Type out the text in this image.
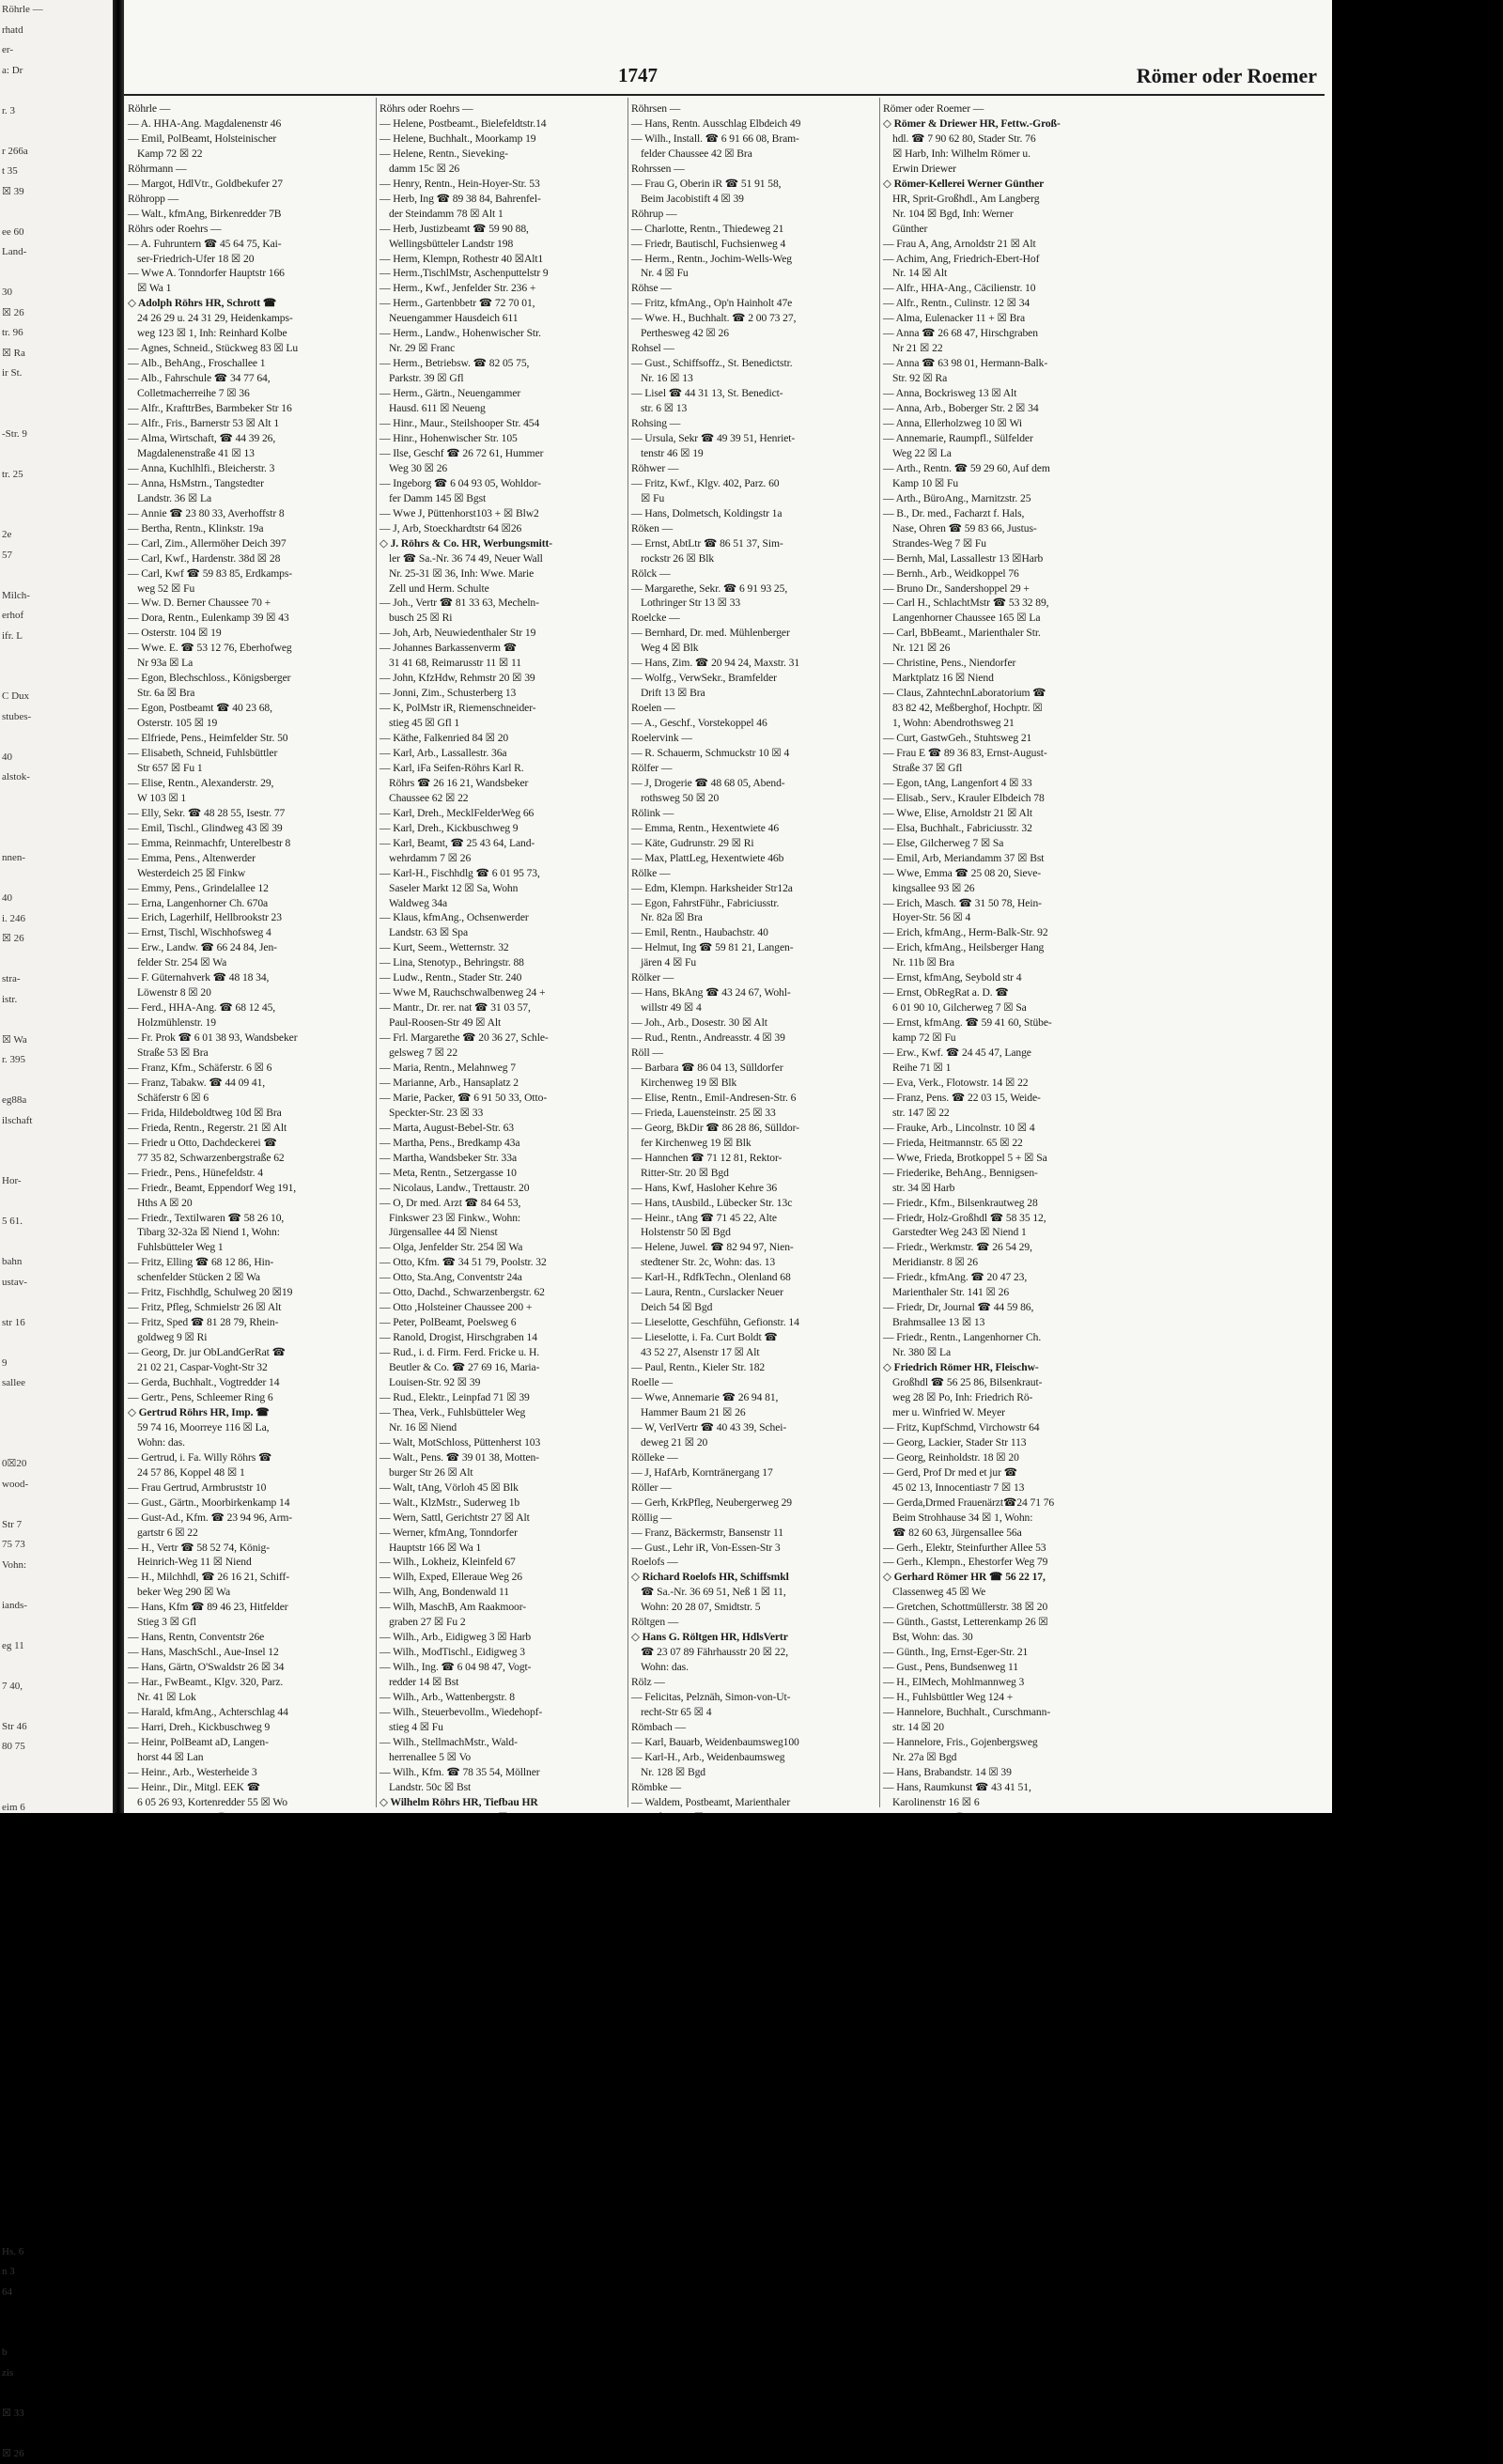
Röhrle —
rhatd
er-
a: Dr

r. 3

r 266a
t 35
☒ 39

ee 60
Land-

30
☒ 26
tr. 96
☒ Ra
ir St.

-Str. 9

tr. 25

2e
57

Milch-
erhof
ifr. L

C Dux
stubes-

40
alstok-

nnen-

40
i. 246
☒ 26

stra-
istr.

☒ Wa
r. 395

eg88a
ilschaft

Hor-

5 61.

bahn
ustav-

str 16

9
sallee

0☒20
wood-

Str 7
75 73
Vohn:

iands-

eg 11

7 40,

Str 46
80 75

eim 6

Hs. 6
n 3
64

b
zis

☒ 33

☒ 26
1747	Römer oder Roemer
Röhrle —
— A. HHA-Ang. Magdalenenstr 46
— Emil, PolBeamt, Holsteinischer
Kamp 72 ☒ 22
Röhrmann —
— Margot, HdlVtr., Goldbekufer 27
Röhropp —
— Walt., kfmAng, Birkenredder 7B
Röhrs oder Roehrs —
— A. Fuhruntern ☎ 45 64 75, Kai-
ser-Friedrich-Ufer 18 ☒ 20
— Wwe A. Tonndorfer Hauptstr 166
☒ Wa 1
◇ Adolph Röhrs HR, Schrott ☎
24 26 29 u. 24 31 29, Heidenkamps-
weg 123 ☒ 1, Inh: Reinhard Kolbe
— Agnes, Schneid., Stückweg 83 ☒ Lu
— Alb., BehAng., Froschallee 1
— Alb., Fahrschule ☎ 34 77 64,
Colletmacherreihe 7 ☒ 36
— Alfr., KrafttrBes, Barmbeker Str 16
— Alfr., Fris., Barnerstr 53 ☒ Alt 1
— Alma, Wirtschaft, ☎ 44 39 26,
Magdalenenstraße 41 ☒ 13
— Anna, Kuchlhlfi., Bleicherstr. 3
— Anna, HsMstrn., Tangstedter
Landstr. 36 ☒ La
— Annie ☎ 23 80 33, Averhoffstr 8
— Bertha, Rentn., Klinkstr. 19a
— Carl, Zim., Allermöher Deich 397
— Carl, Kwf., Hardenstr. 38d ☒ 28
— Carl, Kwf ☎ 59 83 85, Erdkamps-
weg 52 ☒ Fu
— Ww. D. Berner Chaussee 70 +
— Dora, Rentn., Eulenkamp 39 ☒ 43
— Osterstr. 104 ☒ 19
— Wwe. E. ☎ 53 12 76, Eberhofweg
Nr 93a ☒ La
— Egon, Blechschloss., Königsberger
Str. 6a ☒ Bra
— Egon, Postbeamt ☎ 40 23 68,
Osterstr. 105 ☒ 19
— Elfriede, Pens., Heimfelder Str. 50
— Elisabeth, Schneid, Fuhlsbüttler
Str 657 ☒ Fu 1
— Elise, Rentn., Alexanderstr. 29,
W 103 ☒ 1
— Elly, Sekr. ☎ 48 28 55, Isestr. 77
— Emil, Tischl., Glindweg 43 ☒ 39
— Emma, Reinmachfr, Unterelbestr 8
— Emma, Pens., Altenwerder
Westerdeich 25 ☒ Finkw
— Emmy, Pens., Grindelallee 12
— Erna, Langenhorner Ch. 670a
— Erich, Lagerhilf, Hellbrookstr 23
— Ernst, Tischl, Wischhofsweg 4
— Erw., Landw. ☎ 66 24 84, Jen-
felder Str. 254 ☒ Wa
— F. Güternahverk ☎ 48 18 34,
Löwenstr 8 ☒ 20
— Ferd., HHA-Ang. ☎ 68 12 45,
Holzmühlenstr. 19
— Fr. Prok ☎ 6 01 38 93, Wandsbeker
Straße 53 ☒ Bra
— Franz, Kfm., Schäferstr. 6 ☒ 6
— Franz, Tabakw. ☎ 44 09 41,
Schäferstr 6 ☒ 6
— Frida, Hildeboldtweg 10d ☒ Bra
— Frieda, Rentn., Regerstr. 21 ☒ Alt
— Friedr u Otto, Dachdeckerei ☎
77 35 82, Schwarzenbergstraße 62
— Friedr., Pens., Hünefeldstr. 4
— Friedr., Beamt, Eppendorf Weg 191,
Hths A ☒ 20
— Friedr., Textilwaren ☎ 58 26 10,
Tibarg 32-32a ☒ Niend 1, Wohn:
Fuhlsbütteler Weg 1
— Fritz, Elling ☎ 68 12 86, Hin-
schenfelder Stücken 2 ☒ Wa
— Fritz, Fischhdlg, Schulweg 20 ☒19
— Fritz, Pfleg, Schmielstr 26 ☒ Alt
— Fritz, Sped ☎ 81 28 79, Rhein-
goldweg 9 ☒ Ri
— Georg, Dr. jur ObLandGerRat ☎
21 02 21, Caspar-Voght-Str 32
— Gerda, Buchhalt., Vogtredder 14
— Gertr., Pens, Schleemer Ring 6
◇ Gertrud Röhrs HR, Imp. ☎
59 74 16, Moorreye 116 ☒ La,
Wohn: das.
— Gertrud, i. Fa. Willy Röhrs ☎
24 57 86, Koppel 48 ☒ 1
— Frau Gertrud, Armbruststr 10
— Gust., Gärtn., Moorbirkenkamp 14
— Gust-Ad., Kfm. ☎ 23 94 96, Arm-
gartstr 6 ☒ 22
— H., Vertr ☎ 58 52 74, König-
Heinrich-Weg 11 ☒ Niend
— H., Milchhdl, ☎ 26 16 21, Schiff-
beker Weg 290 ☒ Wa
— Hans, Kfm ☎ 89 46 23, Hitfelder
Stieg 3 ☒ Gfl
— Hans, Rentn, Conventstr 26e
— Hans, MaschSchl., Aue-Insel 12
— Hans, Gärtn, O'Swaldstr 26 ☒ 34
— Har., FwBeamt., Klgv. 320, Parz.
Nr. 41 ☒ Lok
— Harald, kfmAng., Achterschlag 44
— Harri, Dreh., Kickbuschweg 9
— Heinr, PolBeamt aD, Langen-
horst 44 ☒ Lan
— Heinr., Arb., Westerheide 3
— Heinr., Dir., Mitgl. EEK ☎
6 05 26 93, Kortenredder 55 ☒ Wo
Röhrs oder Roehrs —
— Helene, Postbeamt., Bielefeldtstr.14
— Helene, Buchhalt., Moorkamp 19
— Helene, Rentn., Sieveking-
damm 15c ☒ 26
— Henry, Rentn., Hein-Hoyer-Str. 53
— Herb, Ing ☎ 89 38 84, Bahrenfel-
der Steindamm 78 ☒ Alt 1
— Herb, Justizbeamt ☎ 59 90 88,
Wellingsbütteler Landstr 198
— Herm, Klempn, Rothestr 40 ☒Alt1
— Herm.,TischlMstr, Aschenputtelstr 9
— Herm., Kwf., Jenfelder Str. 236 +
— Herm., Gartenbbetr ☎ 72 70 01,
Neuengammer Hausdeich 611
— Herm., Landw., Hohenwischer Str.
Nr. 29 ☒ Franc
— Herm., Betriebsw. ☎ 82 05 75,
Parkstr. 39 ☒ Gfl
— Herm., Gärtn., Neuengammer
Hausd. 611 ☒ Neueng
— Hinr., Maur., Steilshooper Str. 454
— Hinr., Hohenwischer Str. 105
— Ilse, Geschf ☎ 26 72 61, Hummer
Weg 30 ☒ 26
— Ingeborg ☎ 6 04 93 05, Wohldor-
fer Damm 145 ☒ Bgst
— Wwe J, Püttenhorst103 + ☒ Blw2
— J, Arb, Stoeckhardtstr 64 ☒26
◇ J. Röhrs & Co. HR, Werbungsmitt-
ler ☎ Sa.-Nr. 36 74 49, Neuer Wall
Nr. 25-31 ☒ 36, Inh: Wwe. Marie
Zell und Herm. Schulte
— Joh., Vertr ☎ 81 33 63, Mecheln-
busch 25 ☒ Ri
— Joh, Arb, Neuwiedenthaler Str 19
— Johannes Barkassenverm ☎
31 41 68, Reimarusstr 11 ☒ 11
— John, KfzHdw, Rehmstr 20 ☒ 39
— Jonni, Zim., Schusterberg 13
— K, PolMstr iR, Riemenschneider-
stieg 45 ☒ Gfl 1
— Käthe, Falkenried 84 ☒ 20
— Karl, Arb., Lassallestr. 36a
— Karl, iFa Seifen-Röhrs Karl R.
Röhrs ☎ 26 16 21, Wandsbeker
Chaussee 62 ☒ 22
— Karl, Dreh., MecklFelderWeg 66
— Karl, Dreh., Kickbuschweg 9
— Karl, Beamt, ☎ 25 43 64, Land-
wehrdamm 7 ☒ 26
— Karl-H., Fischhdlg ☎ 6 01 95 73,
Saseler Markt 12 ☒ Sa, Wohn
Waldweg 34a
— Klaus, kfmAng., Ochsenwerder
Landstr. 63 ☒ Spa
— Kurt, Seem., Wetternstr. 32
— Lina, Stenotyp., Behringstr. 88
— Ludw., Rentn., Stader Str. 240
— Wwe M, Rauchschwalbenweg 24 +
— Mantr., Dr. rer. nat ☎ 31 03 57,
Paul-Roosen-Str 49 ☒ Alt
— Frl. Margarethe ☎ 20 36 27, Schle-
gelsweg 7 ☒ 22
— Maria, Rentn., Melahnweg 7
— Marianne, Arb., Hansaplatz 2
— Marie, Packer, ☎ 6 91 50 33, Otto-
Speckter-Str. 23 ☒ 33
— Marta, August-Bebel-Str. 63
— Martha, Pens., Bredkamp 43a
— Martha, Wandsbeker Str. 33a
— Meta, Rentn., Setzergasse 10
— Nicolaus, Landw., Trettaustr. 20
— O, Dr med. Arzt ☎ 84 64 53,
Finkswег 23 ☒ Finkw., Wohn:
Jürgensallee 44 ☒ Nienst
— Olga, Jenfelder Str. 254 ☒ Wa
— Otto, Kfm. ☎ 34 51 79, Poolstr. 32
— Otto, Sta.Ang, Conventstr 24a
— Otto, Dachd., Schwarzenbergstr. 62
— Otto ,Holsteiner Chaussee 200 +
— Peter, PolBeamt, Poelsweg 6
— Ranold, Drogist, Hirschgraben 14
— Rud., i. d. Firm. Ferd. Fricke u. H.
Beutler & Co. ☎ 27 69 16, Maria-
Louisen-Str. 92 ☒ 39
— Rud., Elektr., Leinpfad 71 ☒ 39
— Thea, Verk., Fuhlsbütteler Weg
Nr. 16 ☒ Niend
— Walt, MotSchloss, Püttenherst 103
— Walt., Pens. ☎ 39 01 38, Motten-
burger Str 26 ☒ Alt
— Walt, tAng, Vörloh 45 ☒ Blk
— Walt., KlzMstr., Suderweg 1b
— Wern, Sattl, Gerichtstr 27 ☒ Alt
— Werner, kfmAng, Tonndorfer
Hauptstr 166 ☒ Wa 1
— Wilh., Lokheiz, Kleinfeld 67
— Wilh, Exped, Elleraue Weg 26
— Wilh, Ang, Bondenwald 11
— Wilh, MaschB, Am Raakmoor-
graben 27 ☒ Fu 2
— Wilh., Arb., Eidigweg 3 ☒ Harb
— Wilh., ModTischl., Eidigweg 3
— Wilh., Ing. ☎ 6 04 98 47, Vogt-
redder 14 ☒ Bst
— Wilh., Arb., Wattenbergstr. 8
— Wilh., Steuerbevollm., Wiedehopf-
stieg 4 ☒ Fu
— Wilh., StellmachMstr., Wald-
herrenallee 5 ☒ Vo
— Wilh., Kfm. ☎ 78 35 54, Möllner
Landstr. 50c ☒ Bst
◇ Wilhelm Röhrs HR, Tiefbau HR
Röhrsen —
— Hans, Rentn. Ausschlag Elbdeich 49
— Wilh., Install. ☎ 6 91 66 08, Bram-
felder Chaussee 42 ☒ Bra
Rohrssen —
— Frau G, Oberin iR ☎ 51 91 58,
Beim Jacobistift 4 ☒ 39
Röhrup —
— Charlotte, Rentn., Thiedeweg 21
— Friedr, Bautischl, Fuchsienweg 4
— Herm., Rentn., Jochim-Wells-Weg
Nr. 4 ☒ Fu
Röhse —
— Fritz, kfmAng., Op'n Hainholt 47e
— Wwe. H., Buchhalt. ☎ 2 00 73 27,
Perthesweg 42 ☒ 26
Rohsel —
— Gust., Schiffsoffz., St. Benedictstr.
Nr. 16 ☒ 13
— Lisel ☎ 44 31 13, St. Benedict-
str. 6 ☒ 13
Rohsing —
— Ursula, Sekr ☎ 49 39 51, Henriet-
tenstr 46 ☒ 19
Röhwer —
— Fritz, Kwf., Klgv. 402, Parz. 60
☒ Fu
— Hans, Dolmetsch, Koldingstr 1a
Röken —
— Ernst, AbtLtr ☎ 86 51 37, Sim-
rockstr 26 ☒ Blk
Rölck —
— Margarethe, Sekr. ☎ 6 91 93 25,
Lothringer Str 13 ☒ 33
Roelcke —
— Bernhard, Dr. med. Mühlenberger
Weg 4 ☒ Blk
— Hans, Zim. ☎ 20 94 24, Maxstr. 31
— Wolfg., VerwSekr., Bramfelder
Drift 13 ☒ Bra
Roelen —
— A., Geschf., Vorstekoppel 46
Roelervink —
— R. Schauerm, Schmuckstr 10 ☒ 4
Rölfer —
— J, Drogerie ☎ 48 68 05, Abend-
rothsweg 50 ☒ 20
Rölink —
— Emma, Rentn., Hexentwiete 46
— Käte, Gudrunstr. 29 ☒ Ri
— Max, PlattLeg, Hexentwiete 46b
Rölke —
— Edm, Klempn. Harksheider Str12a
— Egon, FahrstFühr., Fabriciusstr.
Nr. 82a ☒ Bra
— Emil, Rentn., Haubachstr. 40
— Helmut, Ing ☎ 59 81 21, Langen-
jären 4 ☒ Fu
Rölker —
— Hans, BkAng ☎ 43 24 67, Wohl-
willstr 49 ☒ 4
— Joh., Arb., Dosestr. 30 ☒ Alt
— Rud., Rentn., Andreasstr. 4 ☒ 39
Röll —
— Barbara ☎ 86 04 13, Sülldorfer
Kirchenweg 19 ☒ Blk
— Elise, Rentn., Emil-Andresen-Str. 6
— Frieda, Lauensteinstr. 25 ☒ 33
— Georg, BkDir ☎ 86 28 86, Sülldor-
fer Kirchenweg 19 ☒ Blk
— Hannchen ☎ 71 12 81, Rektor-
Ritter-Str. 20 ☒ Bgd
— Hans, Kwf, Hasloher Kehre 36
— Hans, tAusbild., Lübecker Str. 13c
— Heinr., tAng ☎ 71 45 22, Alte
Holstenstr 50 ☒ Bgd
— Helene, Juwel. ☎ 82 94 97, Nien-
stedtener Str. 2c, Wohn: das. 13
— Karl-H., RdfkTechn., Olenland 68
— Laura, Rentn., Curslacker Neuer
Deich 54 ☒ Bgd
— Lieselotte, Geschfühn, Gefionstr. 14
— Lieselotte, i. Fa. Curt Boldt ☎
43 52 27, Alsenstr 17 ☒ Alt
— Paul, Rentn., Kieler Str. 182
Roelle —
— Wwe, Annemarie ☎ 26 94 81,
Hammer Baum 21 ☒ 26
— W, VerlVertr ☎ 40 43 39, Schei-
deweg 21 ☒ 20
Rölleke —
— J, HafArb, Korntränergang 17
Röller —
— Gerh, KrkPfleg, Neubergerweg 29
Röllig —
— Franz, Bäckermstr, Bansenstr 11
— Gust., Lehr iR, Von-Essen-Str 3
Roelofs —
◇ Richard Roelofs HR, Schiffsmkl
☎ Sa.-Nr. 36 69 51, Neß 1 ☒ 11,
Wohn: 20 28 07, Smidtstr. 5
Röltgen —
◇ Hans G. Röltgen HR, HdlsVertr
☎ 23 07 89 Fährhausstr 20 ☒ 22,
Wohn: das.
Rölz —
— Felicitas, Pelznäh, Simon-von-Ut-
recht-Str 65 ☒ 4
Römbach —
— Karl, Bauarb, Weidenbaumsweg100
— Karl-H., Arb., Weidenbaumsweg
Nr. 128 ☒ Bgd
Römbke —
— Waldem, Postbeamt, Marienthaler
Römer oder Roemer —
◇ Römer & Driewer HR, Fettw.-Groß-
hdl. ☎ 7 90 62 80, Stader Str. 76
☒ Harb, Inh: Wilhelm Römer u.
Erwin Driewer
◇ Römer-Kellerei Werner Günther
HR, Sprit-Großhdl., Am Langberg
Nr. 104 ☒ Bgd, Inh: Werner
Günther
— Frau A, Ang, Arnoldstr 21 ☒ Alt
— Achim, Ang, Friedrich-Ebert-Hof
Nr. 14 ☒ Alt
— Alfr., HHA-Ang., Cäcilienstr. 10
— Alfr., Rentn., Culinstr. 12 ☒ 34
— Alma, Eulenacker 11 + ☒ Bra
— Anna ☎ 26 68 47, Hirschgraben
Nr 21 ☒ 22
— Anna ☎ 63 98 01, Hermann-Balk-
Str. 92 ☒ Ra
— Anna, Bockrisweg 13 ☒ Alt
— Anna, Arb., Boberger Str. 2 ☒ 34
— Anna, Ellerholzweg 10 ☒ Wi
— Annemarie, Raumpfl., Sülfelder
Weg 22 ☒ La
— Arth., Rentn. ☎ 59 29 60, Auf dem
Kamp 10 ☒ Fu
— Arth., BüroAng., Marnitzstr. 25
— B., Dr. med., Facharzt f. Hals,
Nase, Ohren ☎ 59 83 66, Justus-
Strandes-Weg 7 ☒ Fu
— Bernh, Mal, Lassallestr 13 ☒Harb
— Bernh., Arb., Weidkoppel 76
— Bruno Dr., Sandershoppel 29 +
— Carl H., SchlachtMstr ☎ 53 32 89,
Langenhorner Chaussee 165 ☒ La
— Carl, BbBeamt., Marienthaler Str.
Nr. 121 ☒ 26
— Christine, Pens., Niendorfer
Marktplatz 16 ☒ Niend
— Claus, ZahntechnLaboratorium ☎
83 82 42, Meßberghof, Hochptr. ☒
1, Wohn: Abendrothsweg 21
— Curt, GastwGeh., Stuhtsweg 21
— Frau E ☎ 89 36 83, Ernst-August-
Straße 37 ☒ Gfl
— Egon, tAng, Langenfort 4 ☒ 33
— Elisab., Serv., Krauler Elbdeich 78
— Wwe, Elise, Arnoldstr 21 ☒ Alt
— Elsa, Buchhalt., Fabriciusstr. 32
— Else, Gilcherweg 7 ☒ Sa
— Emil, Arb, Meriandamm 37 ☒ Bst
— Wwe, Emma ☎ 25 08 20, Sieve-
kingsallee 93 ☒ 26
— Erich, Masch. ☎ 31 50 78, Hein-
Hoyer-Str. 56 ☒ 4
— Erich, kfmAng., Herm-Balk-Str. 92
— Erich, kfmAng., Heilsberger Hang
Nr. 11b ☒ Bra
— Ernst, kfmAng, Seybold str 4
— Ernst, ObRegRat a. D. ☎
6 01 90 10, Gilcherweg 7 ☒ Sa
— Ernst, kfmAng. ☎ 59 41 60, Stübe-
kamp 72 ☒ Fu
— Erw., Kwf. ☎ 24 45 47, Lange
Reihe 71 ☒ 1
— Eva, Verk., Flotowstr. 14 ☒ 22
— Franz, Pens. ☎ 22 03 15, Weide-
str. 147 ☒ 22
— Frauke, Arb., Lincolnstr. 10 ☒ 4
— Frieda, Heitmannstr. 65 ☒ 22
— Wwe, Frieda, Brotkoppel 5 + ☒ Sa
— Friederike, BehAng., Bennigsen-
str. 34 ☒ Harb
— Friedr., Kfm., Bilsenkrautweg 28
— Friedr, Holz-Großhdl ☎ 58 35 12,
Garstedter Weg 243 ☒ Niend 1
— Friedr., Werkmstr. ☎ 26 54 29,
Meridianstr. 8 ☒ 26
— Friedr., kfmAng. ☎ 20 47 23,
Marienthaler Str. 141 ☒ 26
— Friedr, Dr, Journal ☎ 44 59 86,
Brahmsallee 13 ☒ 13
— Friedr., Rentn., Langenhorner Ch.
Nr. 380 ☒ La
◇ Friedrich Römer HR, Fleischw-
Großhdl ☎ 56 25 86, Bilsenkraut-
weg 28 ☒ Po, Inh: Friedrich Rö-
mer u. Winfried W. Meyer
— Fritz, KupfSchmd, Virchowstr 64
— Georg, Lackier, Stader Str 113
— Georg, Reinholdstr. 18 ☒ 20
— Gerd, Prof Dr med et jur ☎
45 02 13, Innocentiastr 7 ☒ 13
— Gerda,Drmed Frauenärzt☎24 71 76
Beim Strohhause 34 ☒ 1, Wohn:
☎ 82 60 63, Jürgensallee 56a
— Gerh., Elektr, Steinfurther Allee 53
— Gerh., Klempn., Ehestorfer Weg 79
◇ Gerhard Römer HR ☎ 56 22 17,
Classenweg 45 ☒ We
— Gretchen, Schottmüllerstr. 38 ☒ 20
— Günth., Gastst, Letterenkamp 26 ☒
Bst, Wohn: das. 30
— Günth., Ing, Ernst-Eger-Str. 21
— Gust., Pens, Bundsenweg 11
— H., ElMech, Mohlmannweg 3
— H., Fuhlsbüttler Weg 124 +
— Hannelore, Buchhalt., Curschmann-
str. 14 ☒ 20
— Hannelore, Fris., Gojenbergsweg
Nr. 27a ☒ Bgd
— Hans, Brabandstr. 14 ☒ 39
— Hans, Raumkunst ☎ 43 41 51,
Karolinenstr 16 ☒ 6
